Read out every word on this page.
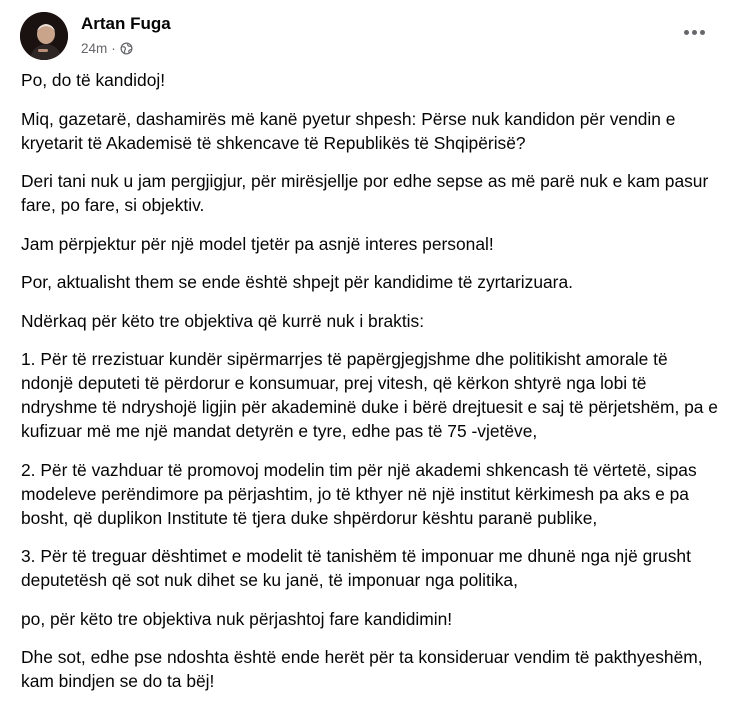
Artan Fuga
24m ·

Po, do të kandidoj!

Miq, gazetarë, dashamirës më kanë pyetur shpesh: Përse nuk kandidon për vendin e kryetarit të Akademisë të shkencave të Republikës të Shqipërisë?

Deri tani nuk u jam pergjigjur, për mirësjellje por edhe sepse as më parë nuk e kam pasur fare, po fare, si objektiv.

Jam përpjektur për një model tjetër pa asnjë interes personal!

Por, aktualisht them se ende është shpejt për kandidime të zyrtarizuara.

Ndërkaq për këto tre objektiva që kurrë nuk i braktis:

1. Për të rrezistuar kundër sipërmarrjes të papërgjegjshme dhe politikisht amorale të ndonjë deputeti të përdorur e konsumuar, prej vitesh, që kërkon shtyrë nga lobi të ndryshme të ndryshojë ligjin për akademinë duke i bërë drejtuesit e saj të përjetshëm, pa e kufizuar më me një mandat detyrën e tyre, edhe pas të 75 -vjetëve,

2. Për të vazhduar të promovoj modelin tim për një akademi shkencash të vërtetë, sipas modeleve perëndimore pa përjashtim, jo të kthyer në një institut kërkimesh pa aks e pa bosht, që duplikon Institute të tjera duke shpërdorur kështu paranë publike,

3. Për të treguar dështimet e modelit të tanishëm të imponuar me dhunë nga një grusht deputetësh që sot nuk dihet se ku janë, të imponuar nga politika,

po, për këto tre objektiva nuk përjashtoj fare kandidimin!

Dhe sot, edhe pse ndoshta është ende herët për ta konsideruar vendim të pakthyeshëm, kam bindjen se do ta bëj!
